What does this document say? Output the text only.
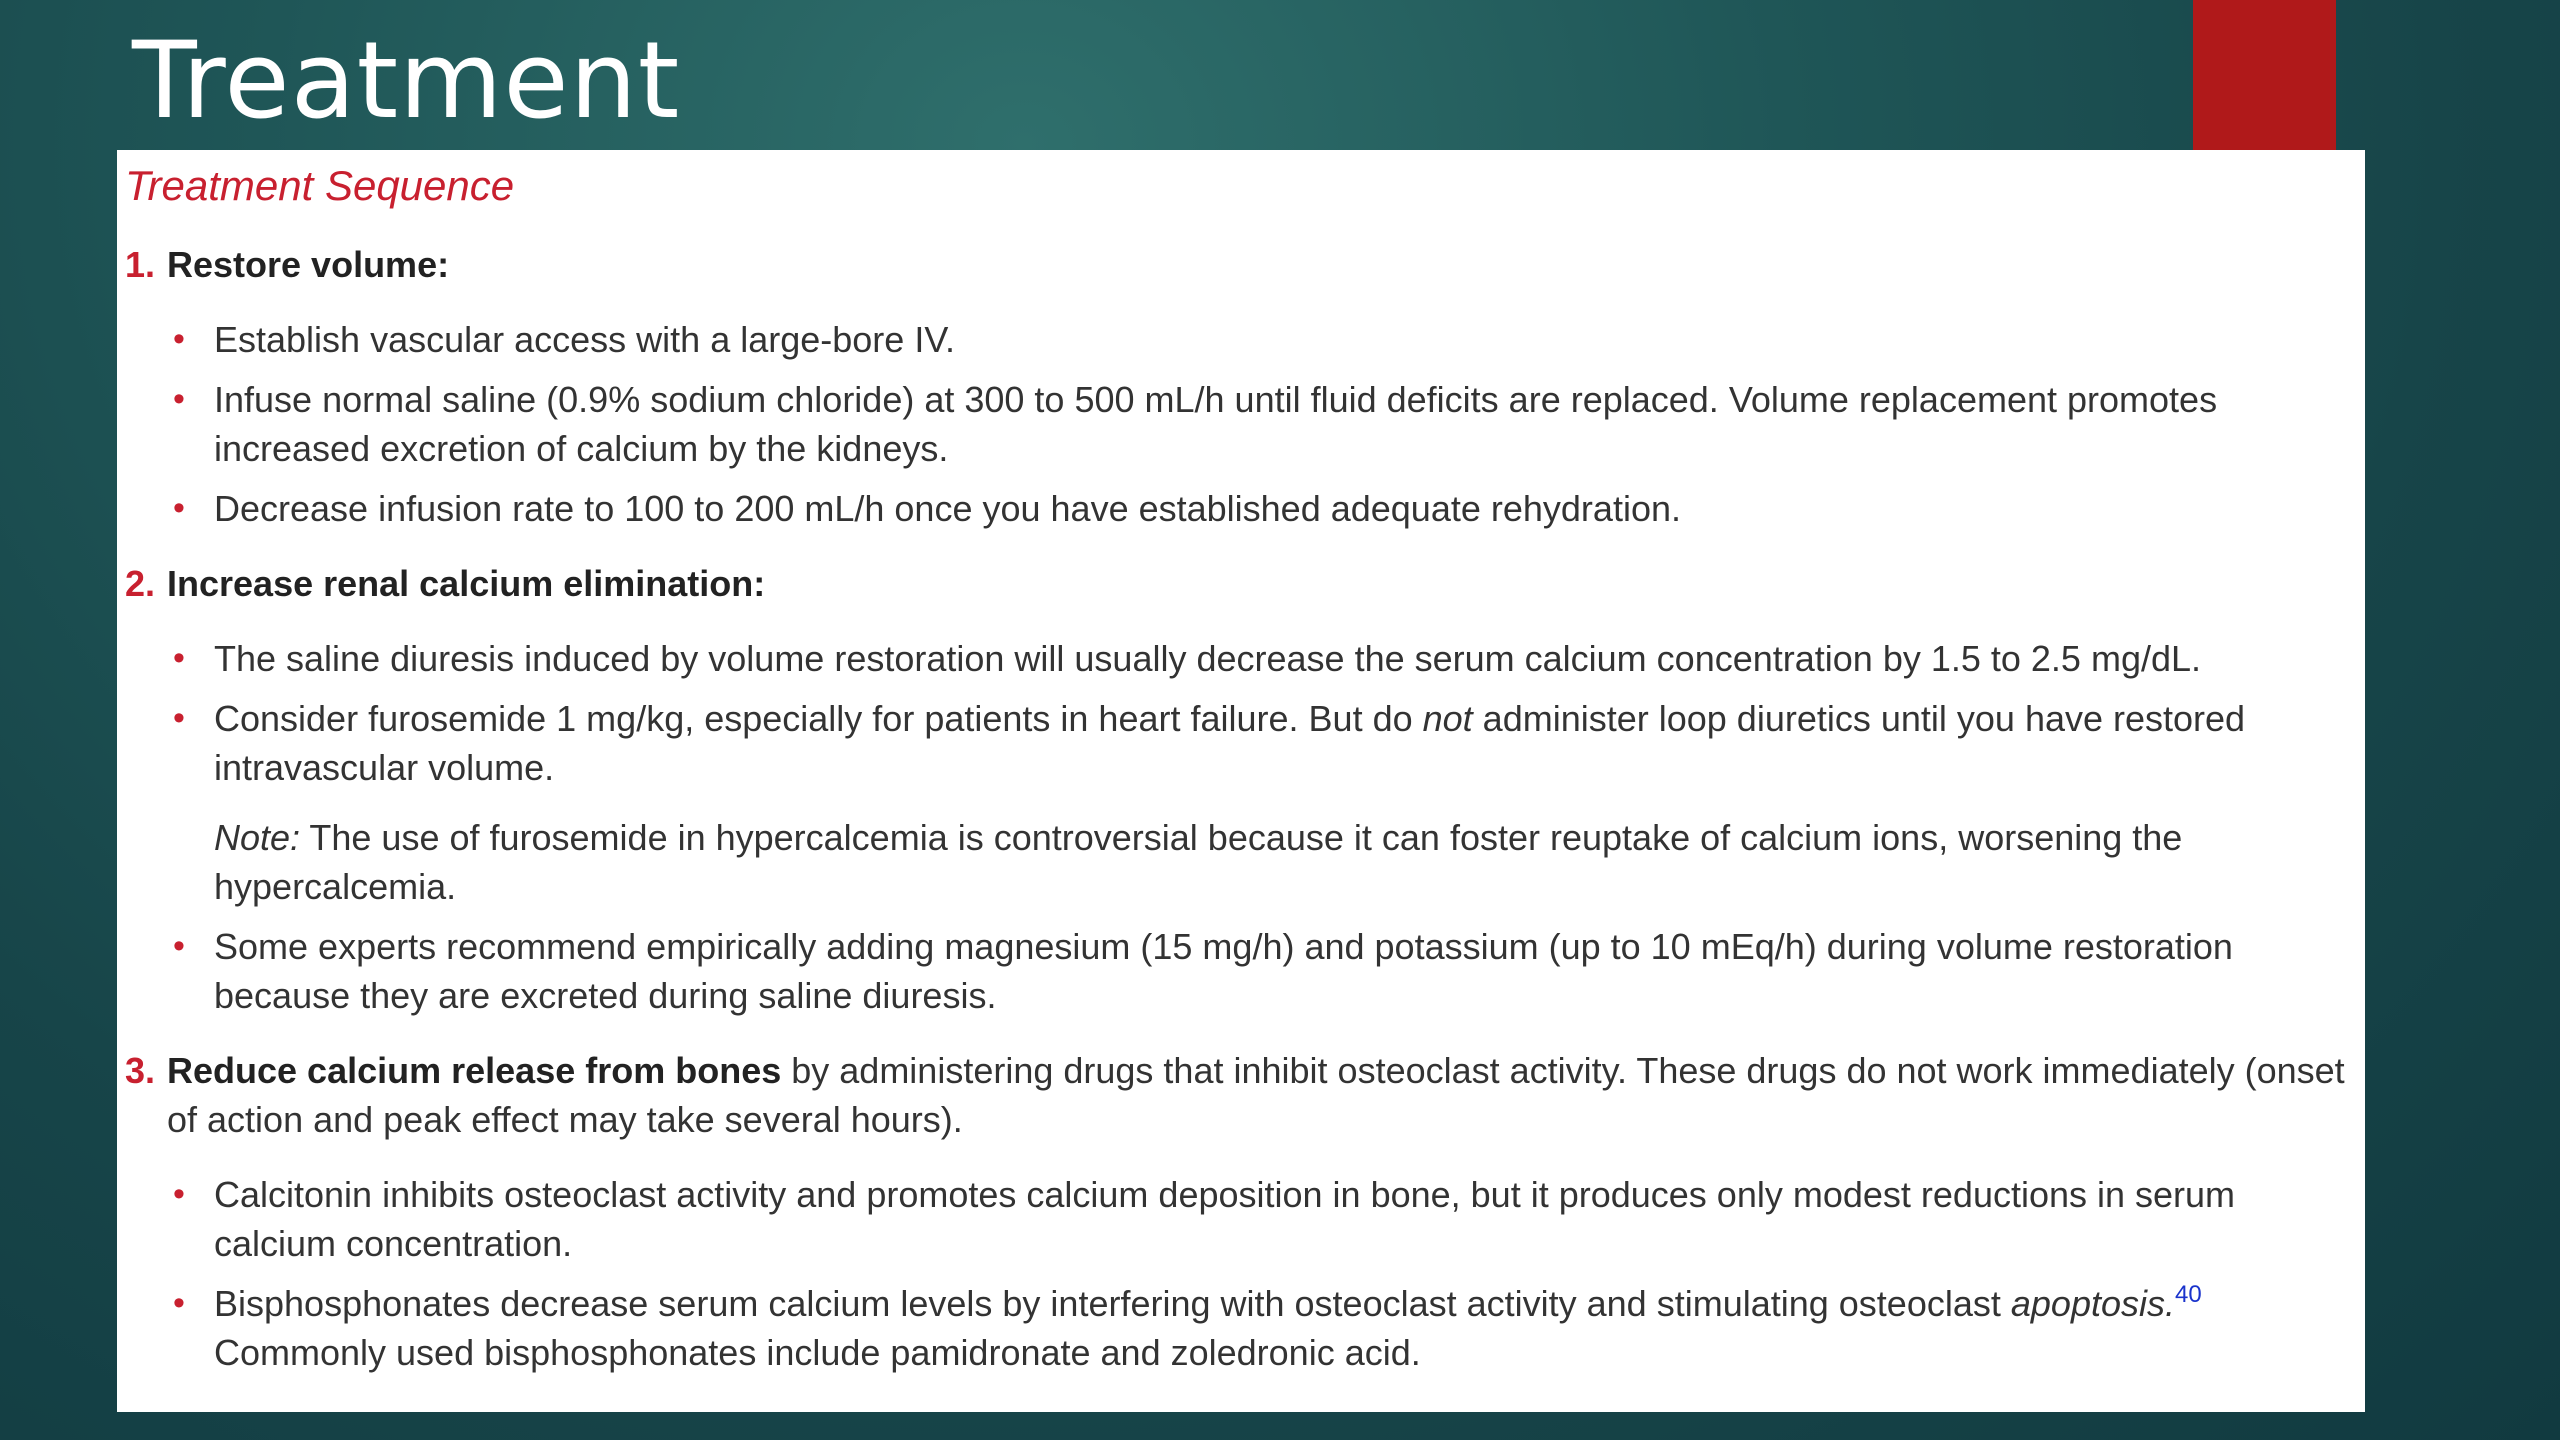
Treatment
Treatment Sequence
1. Restore volume:
• Establish vascular access with a large-bore IV.
• Infuse normal saline (0.9% sodium chloride) at 300 to 500 mL/h until fluid deficits are replaced. Volume replacement promotes increased excretion of calcium by the kidneys.
• Decrease infusion rate to 100 to 200 mL/h once you have established adequate rehydration.
2. Increase renal calcium elimination:
• The saline diuresis induced by volume restoration will usually decrease the serum calcium concentration by 1.5 to 2.5 mg/dL.
• Consider furosemide 1 mg/kg, especially for patients in heart failure. But do not administer loop diuretics until you have restored intravascular volume.
Note: The use of furosemide in hypercalcemia is controversial because it can foster reuptake of calcium ions, worsening the hypercalcemia.
• Some experts recommend empirically adding magnesium (15 mg/h) and potassium (up to 10 mEq/h) during volume restoration because they are excreted during saline diuresis.
3. Reduce calcium release from bones by administering drugs that inhibit osteoclast activity. These drugs do not work immediately (onset of action and peak effect may take several hours).
• Calcitonin inhibits osteoclast activity and promotes calcium deposition in bone, but it produces only modest reductions in serum calcium concentration.
• Bisphosphonates decrease serum calcium levels by interfering with osteoclast activity and stimulating osteoclast apoptosis.$^{40}$ Commonly used bisphosphonates include pamidronate and zoledronic acid.
